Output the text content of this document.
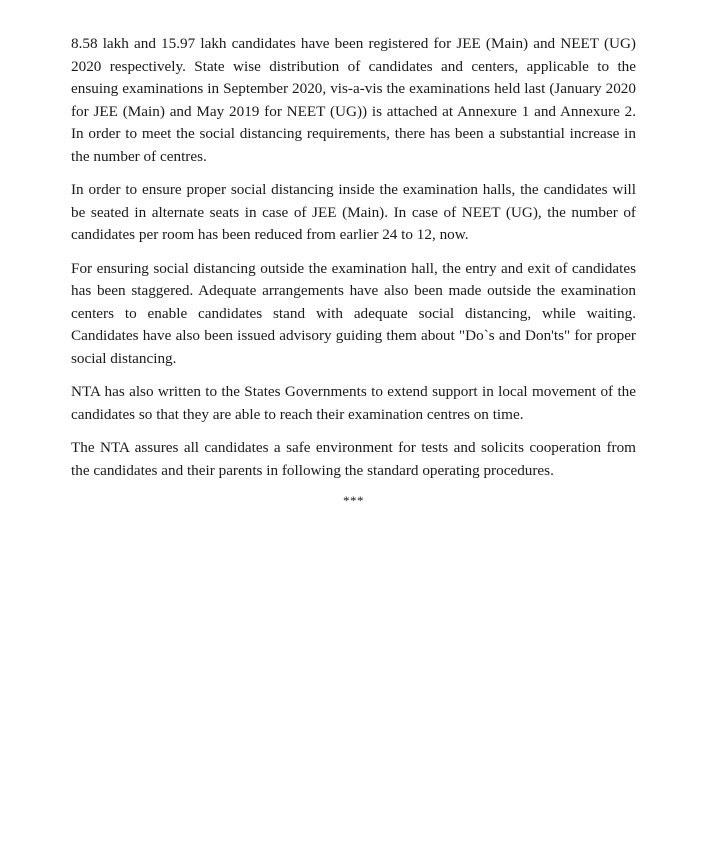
8.58 lakh and 15.97 lakh candidates have been registered for JEE (Main) and NEET (UG) 2020 respectively. State wise distribution of candidates and centers, applicable to the ensuing examinations in September 2020, vis-a-vis the examinations held last (January 2020 for JEE (Main) and May 2019 for NEET (UG)) is attached at Annexure 1 and Annexure 2. In order to meet the social distancing requirements, there has been a substantial increase in the number of centres.

In order to ensure proper social distancing inside the examination halls, the candidates will be seated in alternate seats in case of JEE (Main). In case of NEET (UG), the number of candidates per room has been reduced from earlier 24 to 12, now.

For ensuring social distancing outside the examination hall, the entry and exit of candidates has been staggered. Adequate arrangements have also been made outside the examination centers to enable candidates stand with adequate social distancing, while waiting. Candidates have also been issued advisory guiding them about "Do`s and Don'ts" for proper social distancing.

NTA has also written to the States Governments to extend support in local movement of the candidates so that they are able to reach their examination centres on time.

The NTA assures all candidates a safe environment for tests and solicits cooperation from the candidates and their parents in following the standard operating procedures.

***
